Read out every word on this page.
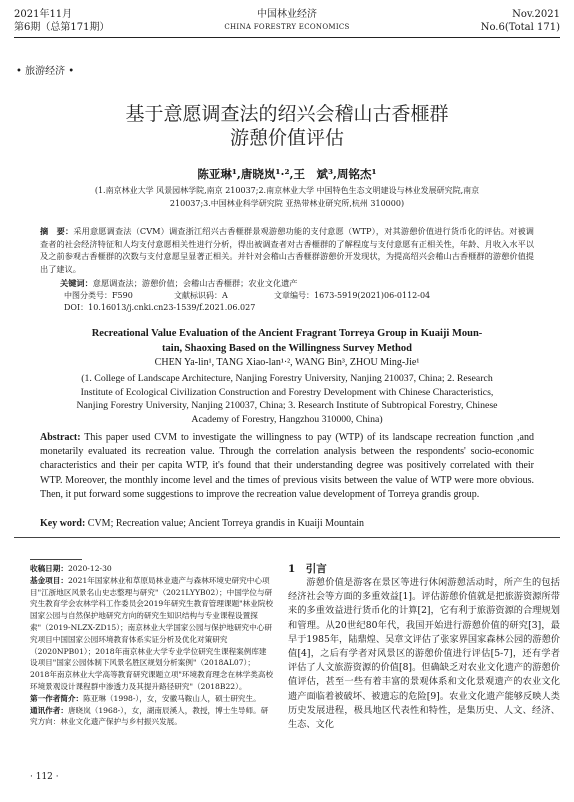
2021年11月
第6期（总第171期）
中国林业经济
CHINA FORESTRY ECONOMICS
Nov.2021
No.6(Total 171)
• 旅游经济 •
基于意愿调查法的绍兴会稽山古香榧群
游憩价值评估
陈亚琳¹,唐晓岚¹·²,王　斌³,周铭杰¹
(1.南京林业大学 风景园林学院,南京 210037;2.南京林业大学 中国特色生态文明建设与林业发展研究院,南京
210037;3.中国林业科学研究院 亚热带林业研究所,杭州 310000)
摘　要：采用意愿调查法（CVM）调查浙江绍兴古香榧群景观游憩功能的支付意愿（WTP），对其游憩价值进行货币化的评估。对被调查者的社会经济特征和人均支付意愿相关性进行分析，得出被调查者对古香榧群的了解程度与支付意愿有正相关性，年龄、月收入水平以及之前参观古香榧群的次数与支付意愿呈显著正相关。并针对会稽山古香榧群游憩价开发现状，为提高绍兴会稽山古香榧群的游憩价值提出了建议。
关键词：意愿调查法；游憩价值；会稽山古香榧群；农业文化遗产
中图分类号：F590	文献标识码：A	文章编号：1673-5919(2021)06-0112-04
DOI：10.16013/j.cnki.cn23-1539/f.2021.06.027
Recreational Value Evaluation of the Ancient Fragrant Torreya Group in Kuaiji Moun-
tain, Shaoxing Based on the Willingness Survey Method
CHEN Ya-lin¹, TANG Xiao-lan¹·², WANG Bin³, ZHOU Ming-Jie¹
(1. College of Landscape Architecture, Nanjing Forestry University, Nanjing 210037, China; 2. Research
Institute of Ecological Civilization Construction and Forestry Development with Chinese Characteristics,
Nanjing Forestry University, Nanjing 210037, China; 3. Research Institute of Subtropical Forestry, Chinese
Academy of Forestry, Hangzhou 310000, China)
Abstract: This paper used CVM to investigate the willingness to pay (WTP) of its landscape recreation function ,and monetarily evaluated its recreation value. Through the correlation analysis between the respondents' socio-economic characteristics and their per capita WTP, it's found that their understanding degree was positively correlated with their WTP. Moreover, the monthly income level and the times of previous visits between the value of WTP were more obvious. Then, it put forward some suggestions to improve the recreation value development of Torreya grandis group.
Key word: CVM; Recreation value; Ancient Torreya grandis in Kuaiji Mountain

收稿日期：2020-12-30

基金项目：2021年国家林业和草原局林业遗产与森林环境史研究中心项目"江浙地区风景名山史志整理与研究"（2021LYYB02）；中国学位与研究生教育学会农林学科工作委员会2019年研究生教育管理课题"林业院校国家公园与自然保护地研究方向的研究生知识结构与专业课程设置探索"（2019-NLZX-ZD15）；南京林业大学国家公园与保护地研究中心研究项目中国国家公园环境教育体系实证分析及优化对策研究（2020NPB01）；2018年南京林业大学专业学位研究生课程案例库建设项目"国家公园体制下风景名胜区规划分析案例"（2018AL07）；2018年南京林业大学高等教育研究课题立项"环境教育理念在林学类高校环境景观设计课程群中渗透力及其提升路径研究"（2018B22）。

第一作者简介：陈亚琳（1998-），女，安徽马鞍山人，硕士研究生。

通讯作者：唐晓岚（1968-），女，湖南辰溪人，教授，博士生导师。研究方向：林业文化遗产保护与乡村振兴发展。

1　引言
游憩价值是游客在景区等进行休闲游憩活动时，所产生的包括经济社会等方面的多重效益[1]。评估游憩价值就是把旅游资源所带来的多重效益进行货币化的计算[2]，它有利于旅游资源的合理规划和管理。从20世纪80年代，我国开始进行游憩价值的研究[3]，最早于1985年，陆鼎煌、吴章文评估了张家界国家森林公园的游憩价值[4]，之后有学者对风景区的游憩价值进行评估[5-7]，还有学者评估了人文旅游资源的价值[8]。但确缺乏对农业文化遗产的游憩价值评估，甚至一些有着丰富的景观体系和文化景观遗产的农业文化遗产面临着被破坏、被遗忘的危险[9]。农业文化遗产能够反映人类历史发展进程，极具地区代表性和特性，是集历史、人文、经济、生态、文化
· 112 ·
